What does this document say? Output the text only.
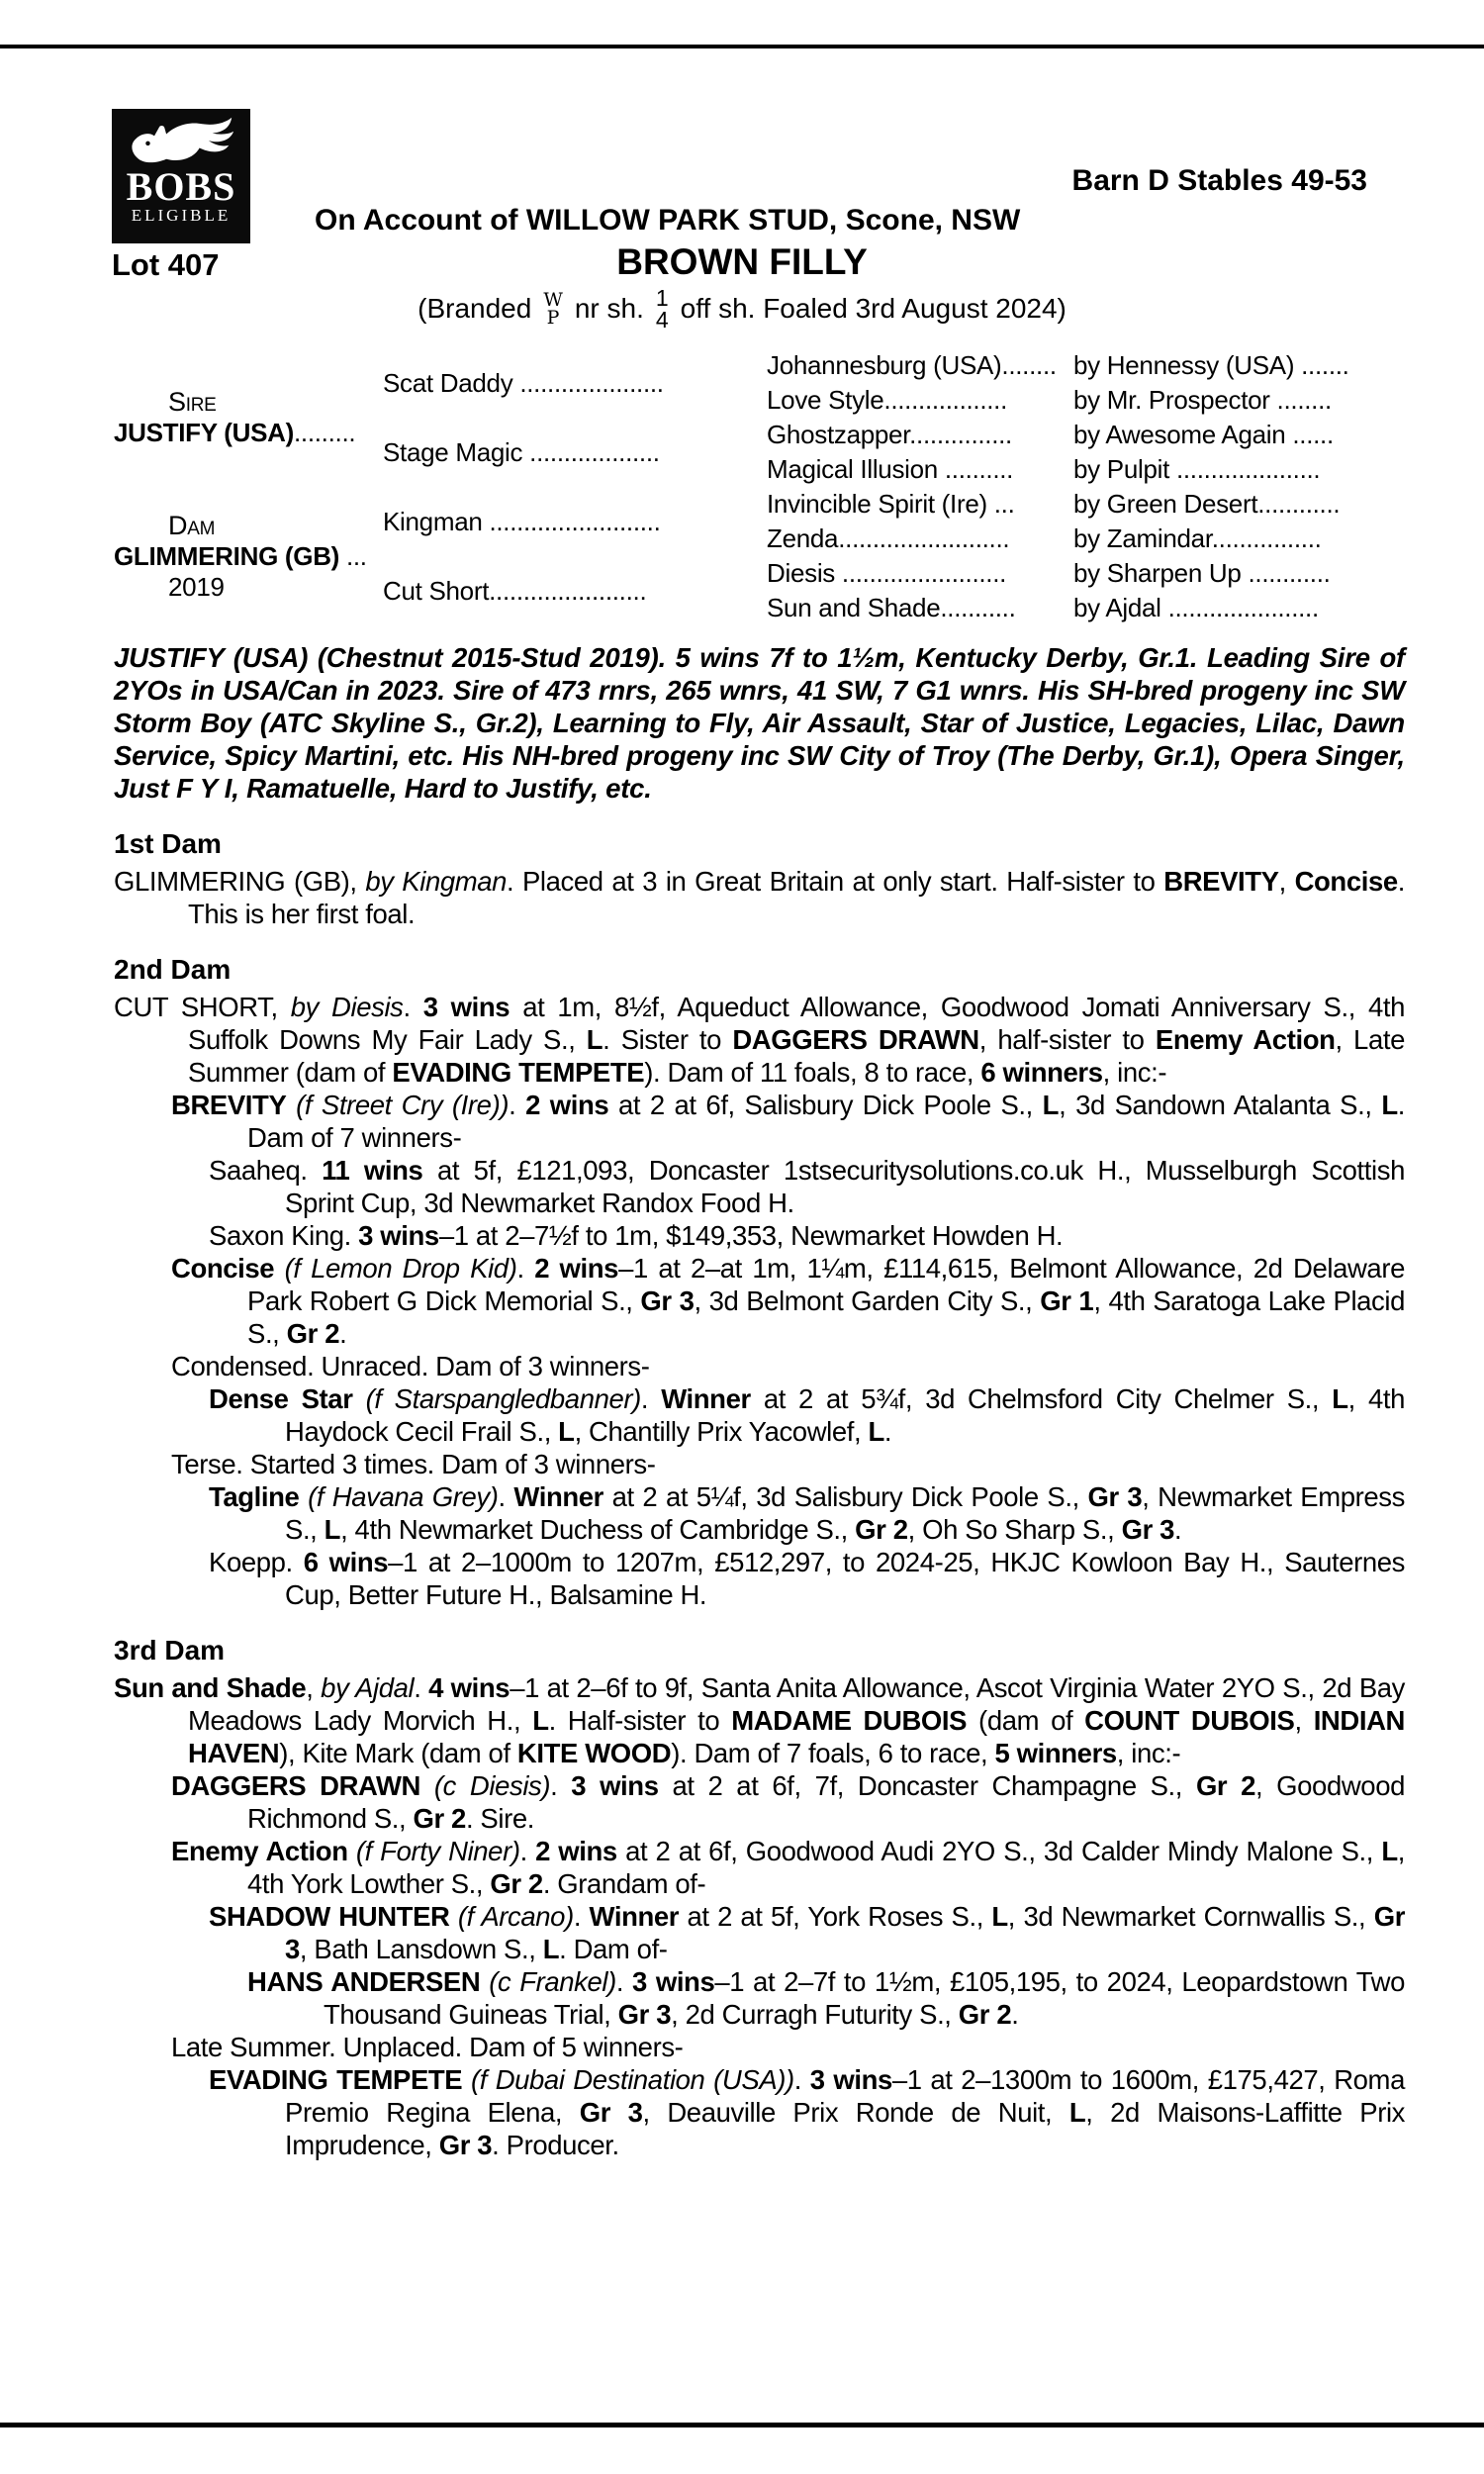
BOBS
ELIGIBLE
Lot 407
Barn D Stables 49-53
On Account of WILLOW PARK STUD, Scone, NSW
BROWN FILLY
(Branded W
P nr sh. 1
4 off sh. Foaled 3rd August 2024)
Sire
JUSTIFY (USA).........	Scat Daddy .....................	Johannesburg (USA)........	by Hennessy (USA) .......
		Love Style..................	by Mr. Prospector ........
	Stage Magic ...................	Ghostzapper...............	by Awesome Again ......
		Magical Illusion ..........	by Pulpit .....................

Dam
GLIMMERING (GB) ...
2019	Kingman .........................	Invincible Spirit (Ire) ...	by Green Desert............
		Zenda.........................	by Zamindar................
	Cut Short.......................	Diesis ........................	by Sharpen Up ............
		Sun and Shade...........	by Ajdal ......................

JUSTIFY (USA) (Chestnut 2015-Stud 2019). 5 wins 7f to 1½m, Kentucky Derby, Gr.1. Leading Sire of 2YOs in USA/Can in 2023. Sire of 473 rnrs, 265 wnrs, 41 SW, 7 G1 wnrs. His SH-bred progeny inc SW Storm Boy (ATC Skyline S., Gr.2), Learning to Fly, Air Assault, Star of Justice, Legacies, Lilac, Dawn Service, Spicy Martini, etc. His NH-bred progeny inc SW City of Troy (The Derby, Gr.1), Opera Singer, Just F Y I, Ramatuelle, Hard to Justify, etc.

1st Dam

GLIMMERING (GB), by Kingman. Placed at 3 in Great Britain at only start. Half-sister to BREVITY, Concise. This is her first foal.

2nd Dam

CUT SHORT, by Diesis. 3 wins at 1m, 8½f, Aqueduct Allowance, Goodwood Jomati Anniversary S., 4th Suffolk Downs My Fair Lady S., L. Sister to DAGGERS DRAWN, half-sister to Enemy Action, Late Summer (dam of EVADING TEMPETE). Dam of 11 foals, 8 to race, 6 winners, inc:-

BREVITY (f Street Cry (Ire)). 2 wins at 2 at 6f, Salisbury Dick Poole S., L, 3d Sandown Atalanta S., L. Dam of 7 winners-

Saaheq. 11 wins at 5f, £121,093, Doncaster 1stsecuritysolutions.co.uk H., Musselburgh Scottish Sprint Cup, 3d Newmarket Randox Food H.

Saxon King. 3 wins–1 at 2–7½f to 1m, $149,353, Newmarket Howden H.

Concise (f Lemon Drop Kid). 2 wins–1 at 2–at 1m, 1¼m, £114,615, Belmont Allowance, 2d Delaware Park Robert G Dick Memorial S., Gr 3, 3d Belmont Garden City S., Gr 1, 4th Saratoga Lake Placid S., Gr 2.

Condensed. Unraced. Dam of 3 winners-

Dense Star (f Starspangledbanner). Winner at 2 at 5¾f, 3d Chelmsford City Chelmer S., L, 4th Haydock Cecil Frail S., L, Chantilly Prix Yacowlef, L.

Terse. Started 3 times. Dam of 3 winners-

Tagline (f Havana Grey). Winner at 2 at 5¼f, 3d Salisbury Dick Poole S., Gr 3, Newmarket Empress S., L, 4th Newmarket Duchess of Cambridge S., Gr 2, Oh So Sharp S., Gr 3.

Koepp. 6 wins–1 at 2–1000m to 1207m, £512,297, to 2024-25, HKJC Kowloon Bay H., Sauternes Cup, Better Future H., Balsamine H.

3rd Dam

Sun and Shade, by Ajdal. 4 wins–1 at 2–6f to 9f, Santa Anita Allowance, Ascot Virginia Water 2YO S., 2d Bay Meadows Lady Morvich H., L. Half-sister to MADAME DUBOIS (dam of COUNT DUBOIS, INDIAN HAVEN), Kite Mark (dam of KITE WOOD). Dam of 7 foals, 6 to race, 5 winners, inc:-

DAGGERS DRAWN (c Diesis). 3 wins at 2 at 6f, 7f, Doncaster Champagne S., Gr 2, Goodwood Richmond S., Gr 2. Sire.

Enemy Action (f Forty Niner). 2 wins at 2 at 6f, Goodwood Audi 2YO S., 3d Calder Mindy Malone S., L, 4th York Lowther S., Gr 2. Grandam of-

SHADOW HUNTER (f Arcano). Winner at 2 at 5f, York Roses S., L, 3d Newmarket Cornwallis S., Gr 3, Bath Lansdown S., L. Dam of-

HANS ANDERSEN (c Frankel). 3 wins–1 at 2–7f to 1½m, £105,195, to 2024, Leopardstown Two Thousand Guineas Trial, Gr 3, 2d Curragh Futurity S., Gr 2.

Late Summer. Unplaced. Dam of 5 winners-

EVADING TEMPETE (f Dubai Destination (USA)). 3 wins–1 at 2–1300m to 1600m, £175,427, Roma Premio Regina Elena, Gr 3, Deauville Prix Ronde de Nuit, L, 2d Maisons-Laffitte Prix Imprudence, Gr 3. Producer.
